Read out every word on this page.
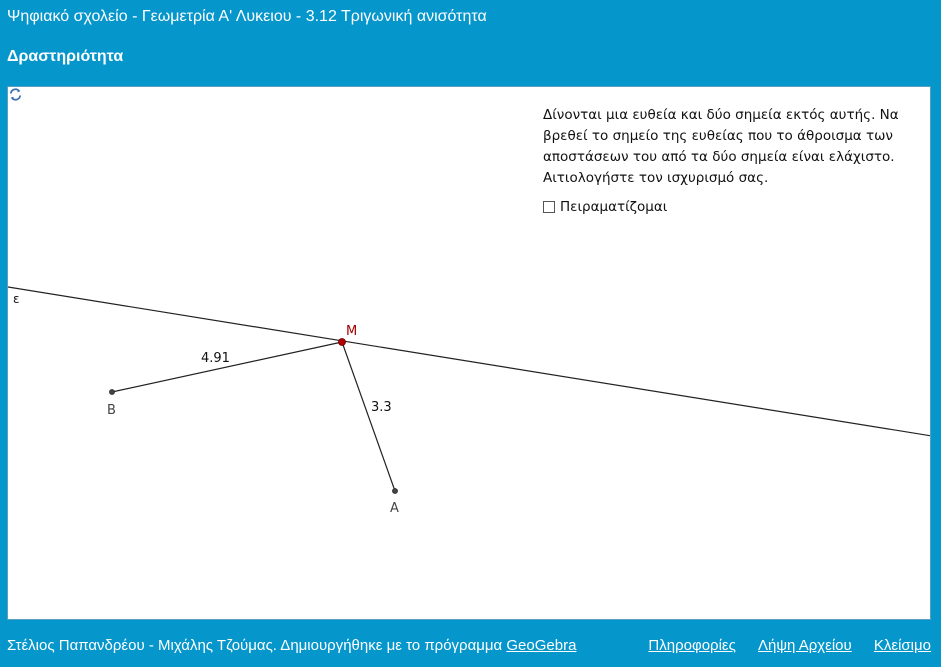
Ψηφιακό σχολείο - Γεωμετρία Α' Λυκειου - 3.12 Τριγωνική ανισότητα
Δραστηριότητα
ε
4.91
3.3
B
A
M
Δίνονται μια ευθεία και δύο σημεία εκτός αυτής. Να βρεθεί το σημείο της ευθείας που το άθροισμα των αποστάσεων του από τα δύο σημεία είναι ελάχιστο. Αιτιολογήστε τον ισχυρισμό σας.
Πειραματίζομαι
Στέλιος Παπανδρέου - Μιχάλης Τζούμας. Δημιουργήθηκε με το πρόγραμμα GeoGebra	Πληροφορίες Λήψη Αρχείου Κλείσιμο
